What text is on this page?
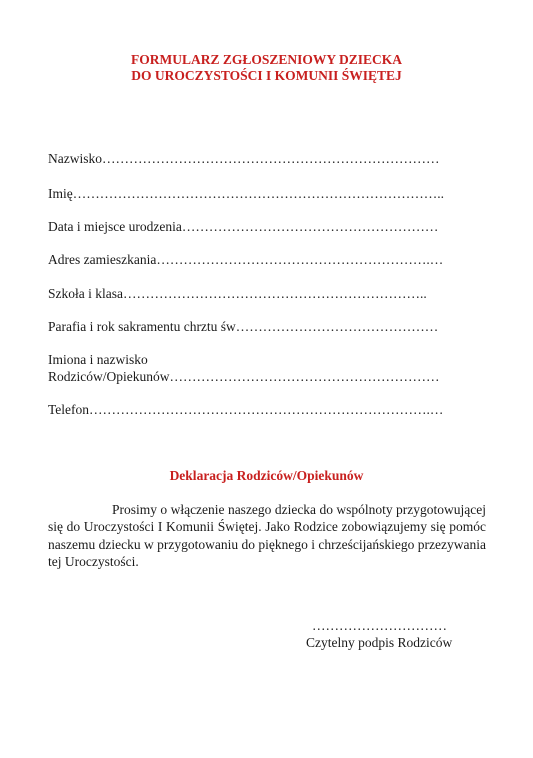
FORMULARZ ZGŁOSZENIOWY DZIECKA
DO UROCZYSTOŚCI I KOMUNII ŚWIĘTEJ
Nazwisko…………………………………………………………………
Imię………………………………………………………………………..
Data i miejsce urodzenia…………………………………………………
Adres zamieszkania…………………………………………………….…
Szkoła i klasa…………………………………………………………..
Parafia i rok sakramentu chrztu św………………………………………
Imiona i nazwisko
Rodziców/Opiekunów……………………………………………………
Telefon………………………………………………………………….…
Deklaracja Rodziców/Opiekunów
Prosimy o włączenie naszego dziecka do wspólnoty przygotowującej się do Uroczystości I Komunii Świętej. Jako Rodzice zobowiązujemy się pomóc naszemu dziecku w przygotowaniu do pięknego i chrześcijańskiego przezywania tej Uroczystości.
…………………………
Czytelny podpis Rodziców
